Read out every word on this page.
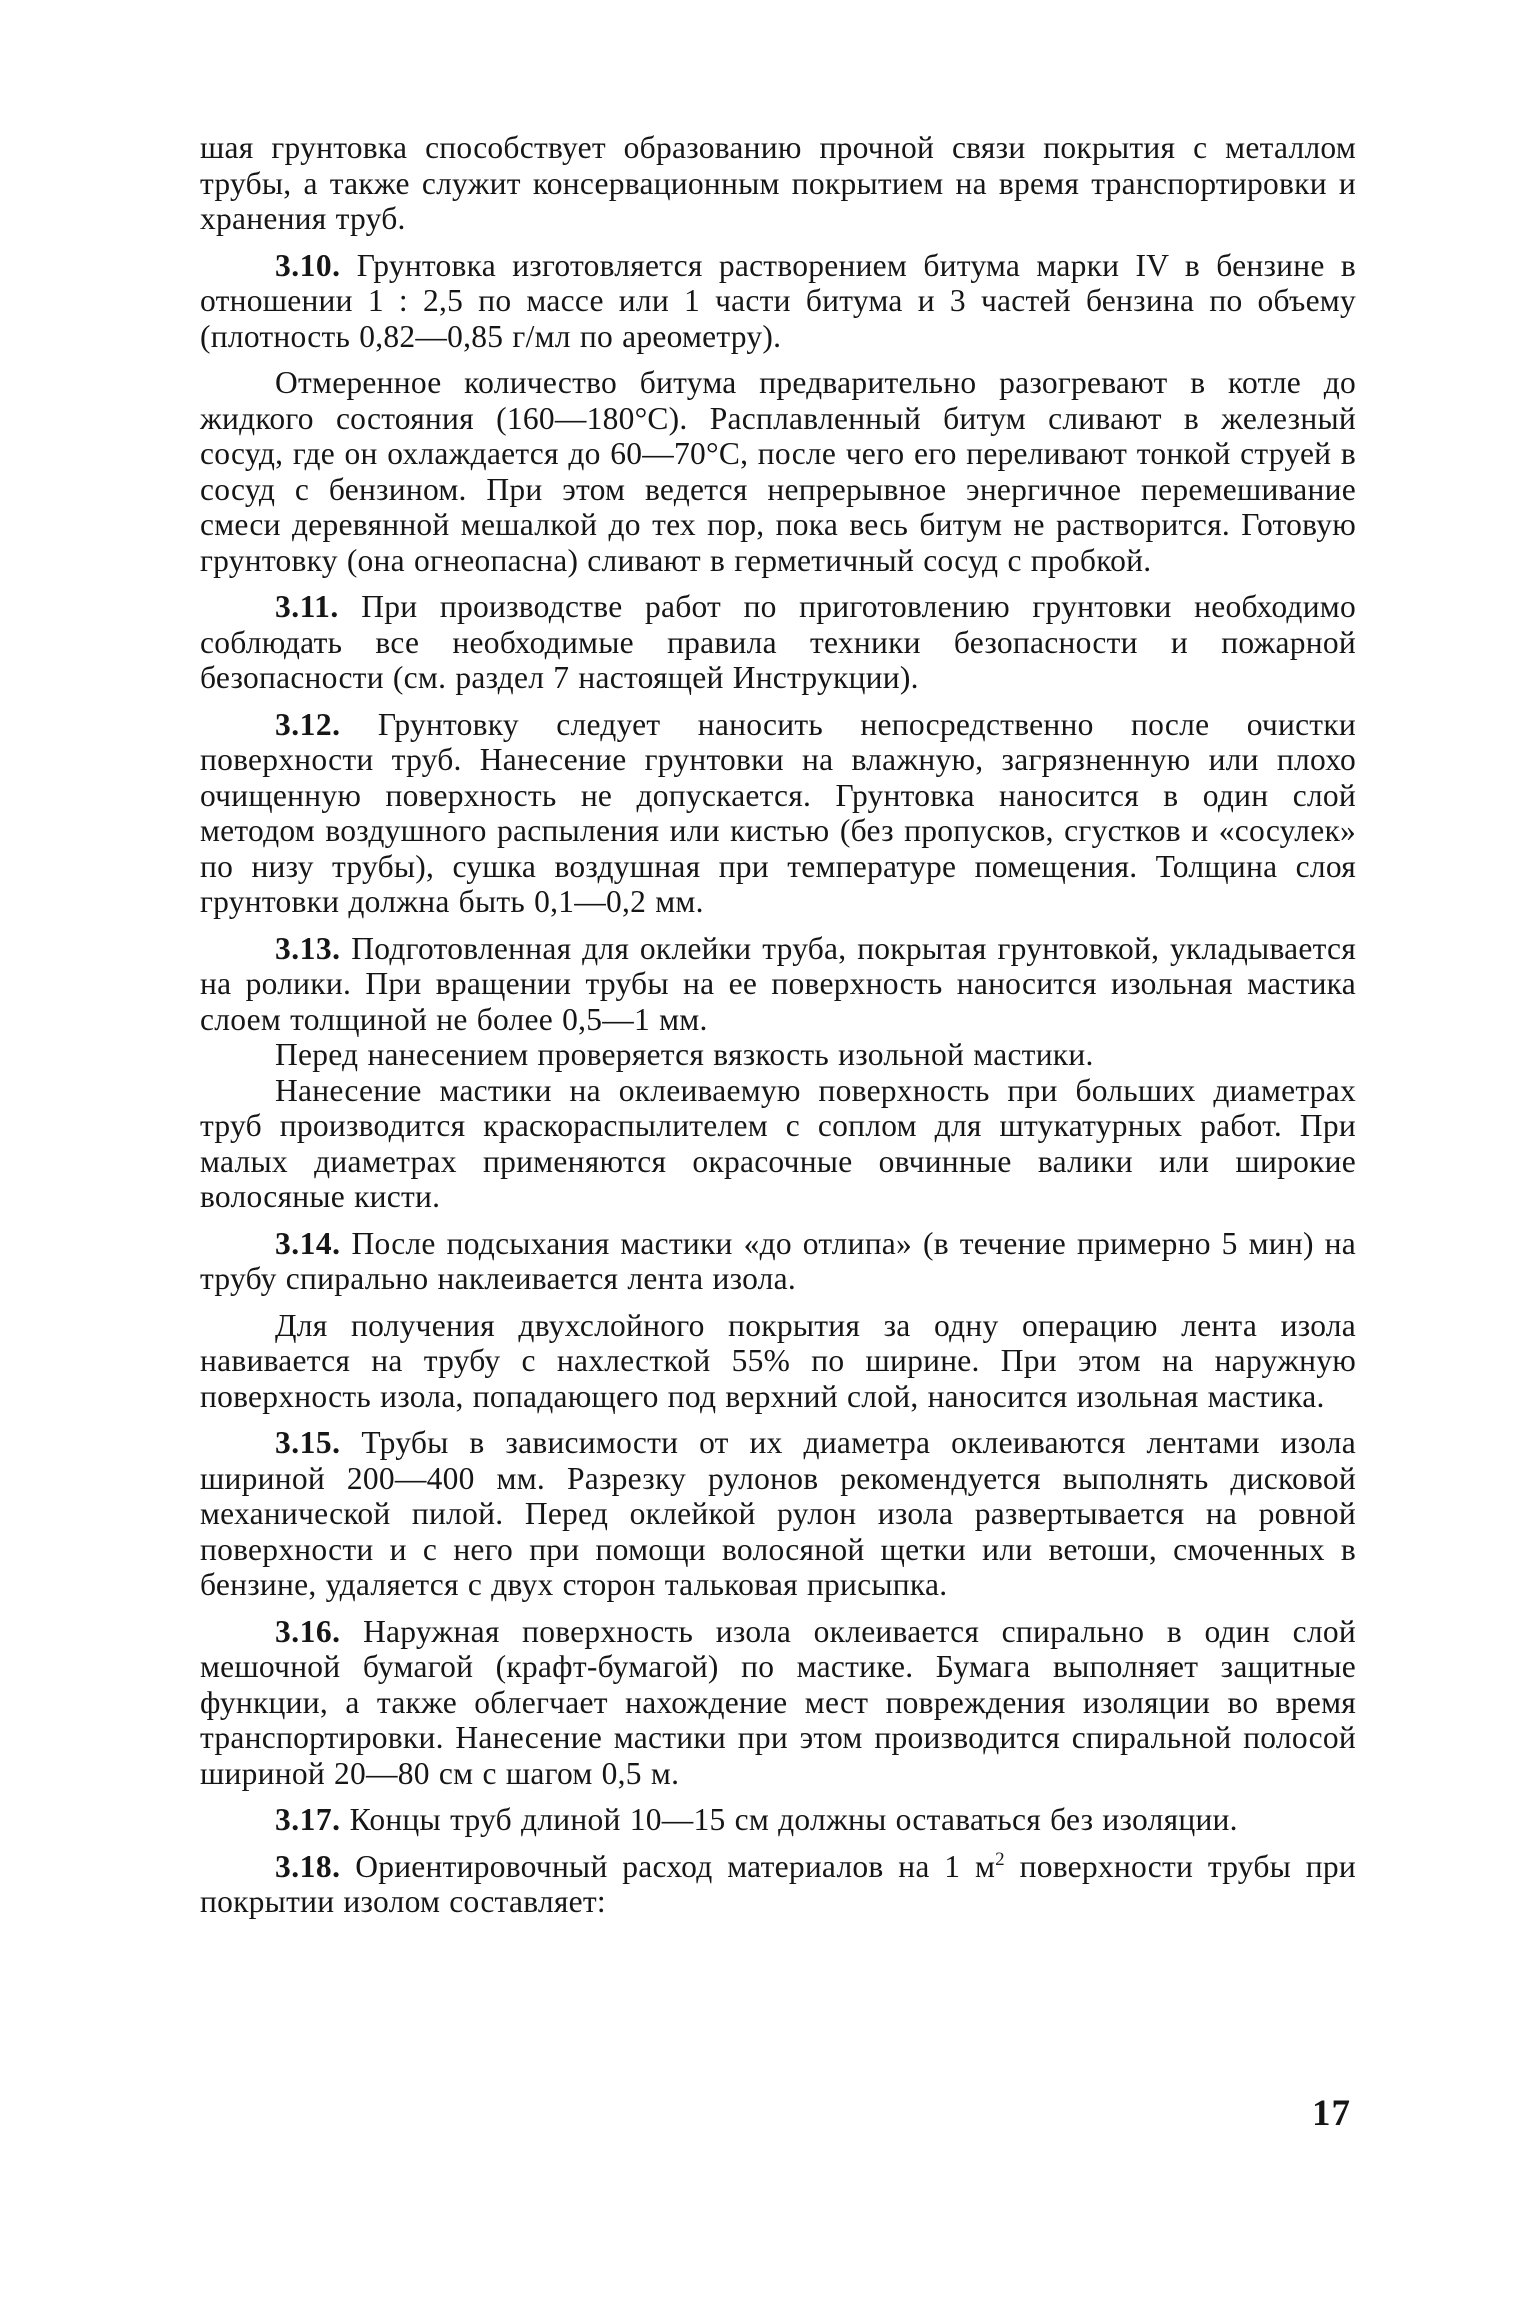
шая грунтовка способствует образованию прочной связи покрытия с металлом трубы, а также служит консервационным покрытием на время транспортировки и хранения труб.

3.10. Грунтовка изготовляется растворением битума марки IV в бензине в отношении 1 : 2,5 по массе или 1 части битума и 3 частей бензина по объему (плотность 0,82—0,85 г/мл по ареометру).

Отмеренное количество битума предварительно разогревают в котле до жидкого состояния (160—180°С). Расплавленный битум сливают в железный сосуд, где он охлаждается до 60—70°С, после чего его переливают тонкой струей в сосуд с бензином. При этом ведется непрерывное энергичное перемешивание смеси деревянной мешалкой до тех пор, пока весь битум не растворится. Готовую грунтовку (она огнеопасна) сливают в герметичный сосуд с пробкой.

3.11. При производстве работ по приготовлению грунтовки необходимо соблюдать все необходимые правила техники безопасности и пожарной безопасности (см. раздел 7 настоящей Инструкции).

3.12. Грунтовку следует наносить непосредственно после очистки поверхности труб. Нанесение грунтовки на влажную, загрязненную или плохо очищенную поверхность не допускается. Грунтовка наносится в один слой методом воздушного распыления или кистью (без пропусков, сгустков и «сосулек» по низу трубы), сушка воздушная при температуре помещения. Толщина слоя грунтовки должна быть 0,1—0,2 мм.

3.13. Подготовленная для оклейки труба, покрытая грунтовкой, укладывается на ролики. При вращении трубы на ее поверхность наносится изольная мастика слоем толщиной не более 0,5—1 мм.

Перед нанесением проверяется вязкость изольной мастики.

Нанесение мастики на оклеиваемую поверхность при больших диаметрах труб производится краскораспылителем с соплом для штукатурных работ. При малых диаметрах применяются окрасочные овчинные валики или широкие волосяные кисти.

3.14. После подсыхания мастики «до отлипа» (в течение примерно 5 мин) на трубу спирально наклеивается лента изола.

Для получения двухслойного покрытия за одну операцию лента изола навивается на трубу с нахлесткой 55% по ширине. При этом на наружную поверхность изола, попадающего под верхний слой, наносится изольная мастика.

3.15. Трубы в зависимости от их диаметра оклеиваются лентами изола шириной 200—400 мм. Разрезку рулонов рекомендуется выполнять дисковой механической пилой. Перед оклейкой рулон изола развертывается на ровной поверхности и с него при помощи волосяной щетки или ветоши, смоченных в бензине, удаляется с двух сторон тальковая присыпка.

3.16. Наружная поверхность изола оклеивается спирально в один слой мешочной бумагой (крафт-бумагой) по мастике. Бумага выполняет защитные функции, а также облегчает нахождение мест повреждения изоляции во время транспортировки. Нанесение мастики при этом производится спиральной полосой шириной 20—80 см с шагом 0,5 м.

3.17. Концы труб длиной 10—15 см должны оставаться без изоляции.

3.18. Ориентировочный расход материалов на 1 $м^2$ поверхности трубы при покрытии изолом составляет:

17
